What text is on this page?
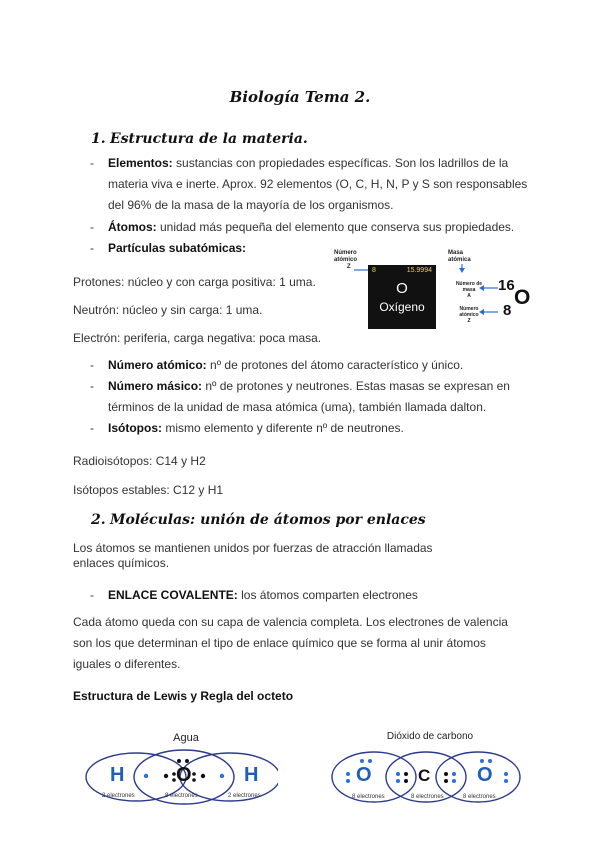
Biología Tema 2.
1. Estructura de la materia.
- Elementos: sustancias con propiedades específicas. Son los ladrillos de la materia viva e inerte. Aprox. 92 elementos (O, C, H, N, P y S son responsables del 96% de la masa de la mayoría de los organismos.
- Átomos: unidad más pequeña del elemento que conserva sus propiedades.
- Partículas subatómicas:
Protones: núcleo y con carga positiva: 1 uma.
Neutrón: núcleo y sin carga: 1 uma.
Electrón: periferia, carga negativa: poca masa.
Número atómico
Z
Masa atómica
8	15.9994
O
Oxígeno
Número de masa
A
Número atómico
Z
16
8
O
- Número atómico: nº de protones del átomo característico y único.
- Número másico: nº de protones y neutrones. Estas masas se expresan en términos de la unidad de masa atómica (uma), también llamada dalton.
- Isótopos: mismo elemento y diferente nº de neutrones.
Radioisótopos: C14 y H2
Isótopos estables: C12 y H1
2. Moléculas: unión de átomos por enlaces
Los átomos se mantienen unidos por fuerzas de atracción llamadas enlaces químicos.
- ENLACE COVALENTE: los átomos comparten electrones
Cada átomo queda con su capa de valencia completa. Los electrones de valencia son los que determinan el tipo de enlace químico que se forma al unir átomos iguales o diferentes.
Estructura de Lewis y Regla del octeto
Agua
H	O	H
2 electrones	8 electrones	2 electrones
Dióxido de carbono
O	C O
8 electrones	8 electrones	8 electrones
